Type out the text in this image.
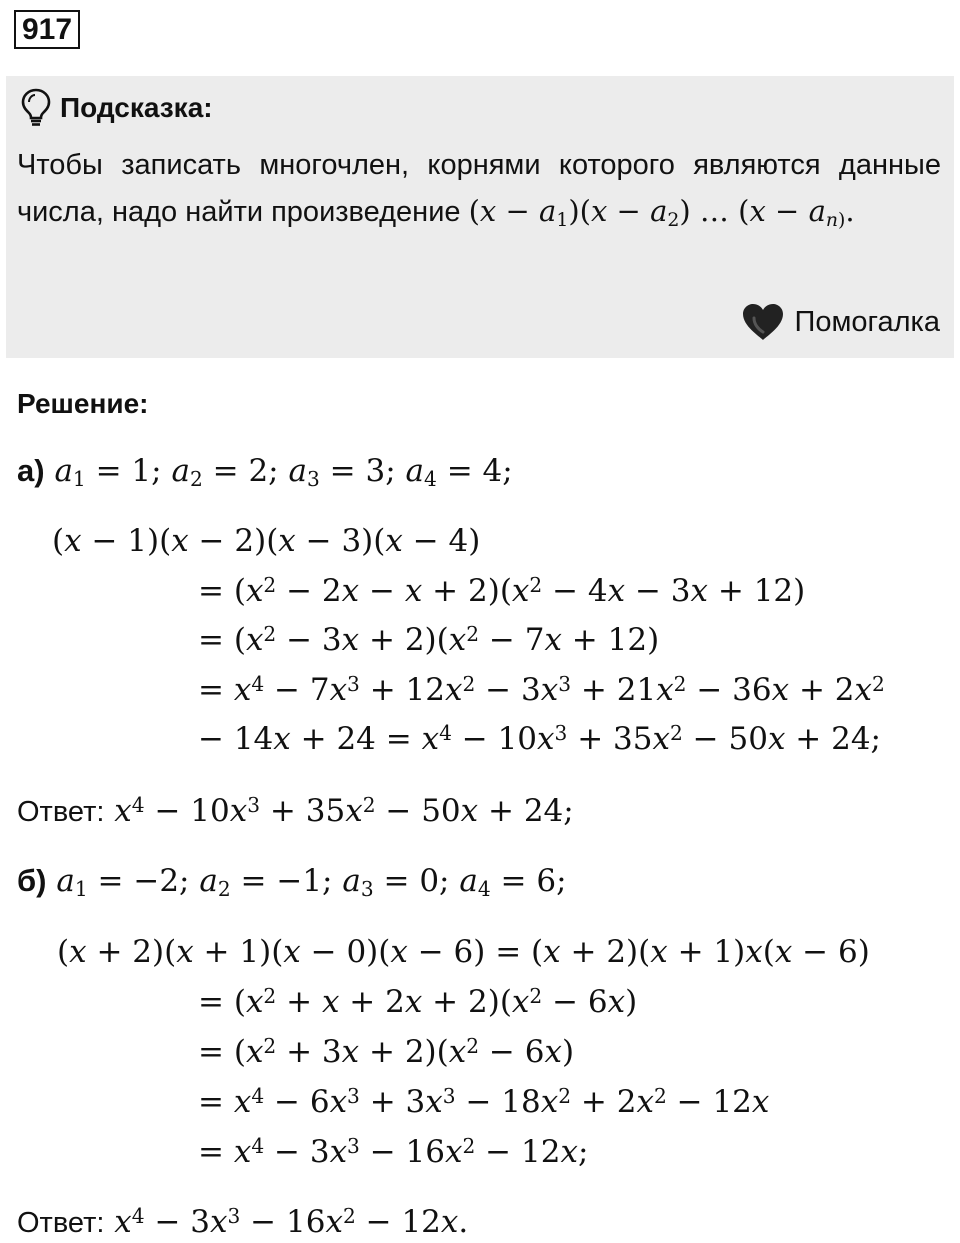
917
Подсказка:
Чтобы записать многочлен, корнями которого являются данные числа, надо найти произведение $(x - a_1)(x - a_2)$ … ($x - a_{n)}$.
Помогалка
Решение:
а) $a_1 = 1$; $a_2 = 2$; $a_3 = 3$; $a_4 = 4$;
(x − 1)(x − 2)(x − 3)(x − 4)
= $(x^2 - 2x - x + 2)(x^2 - 4x - 3x + 12)$
= $(x^2 - 3x + 2)(x^2 - 7x + 12)$
= $x^4 - 7x^3 + 12x^2 - 3x^3 + 21x^2 - 36x + 2x^2$
− $14x + 24 = x^4 - 10x^3 + 35x^2 - 50x + 24$;
Ответ: $x^4 - 10x^3 + 35x^2 - 50x + 24$;
б) $a_1 = -2$; $a_2 = -1$; $a_3 = 0$; $a_4 = 6$;
(x + 2)(x + 1)(x − 0)(x − 6) = (x + 2)(x + 1)x(x − 6)
= $(x^2 + x + 2x + 2)(x^2 - 6x)$
= $(x^2 + 3x + 2)(x^2 - 6x)$
= $x^4 - 6x^3 + 3x^3 - 18x^2 + 2x^2 - 12x$
= $x^4 - 3x^3 - 16x^2 - 12x$;
Ответ: $x^4 - 3x^3 - 16x^2 - 12x$.
